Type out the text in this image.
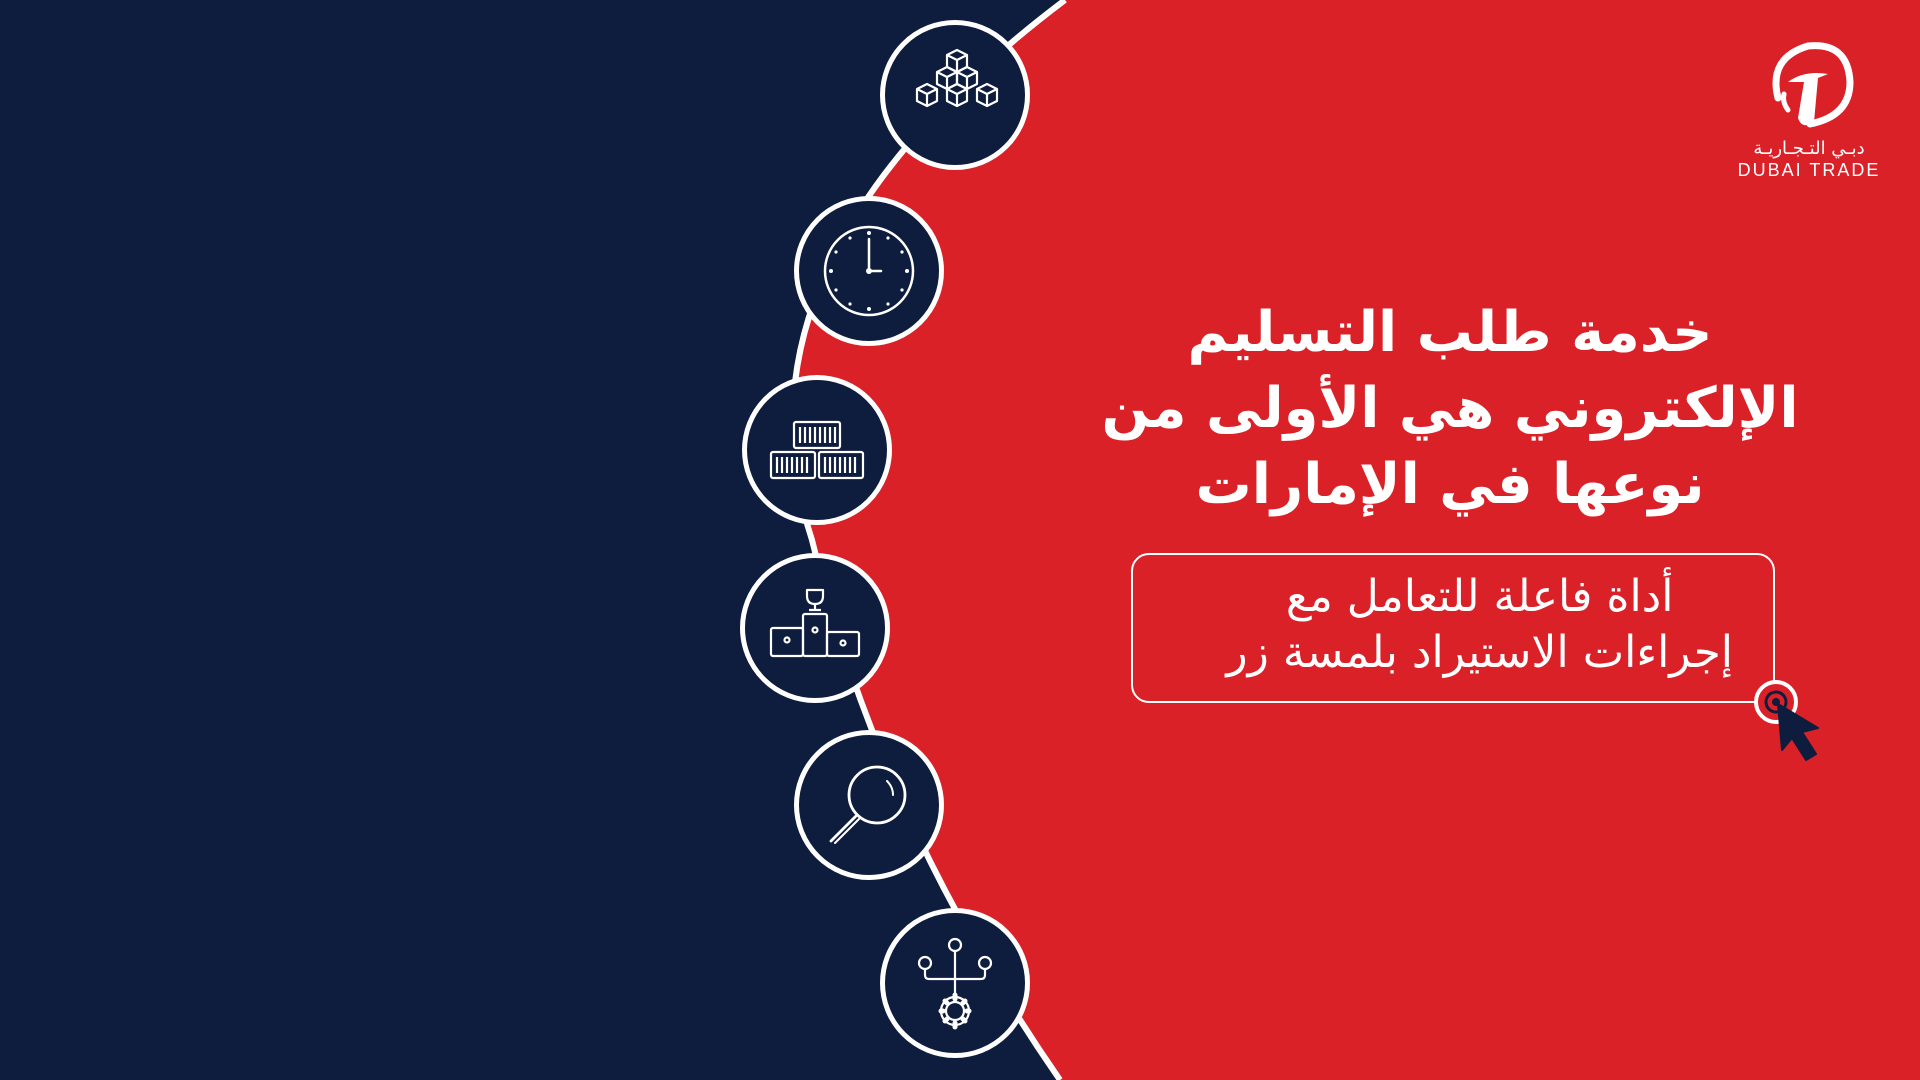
دبـي التـجـاريـة
DUBAI TRADE
خدمة طلب التسليم
الإلكتروني هي الأولى من
نوعها في الإمارات
أداة فاعلة للتعامل مع
إجراءات الاستيراد بلمسة زر
